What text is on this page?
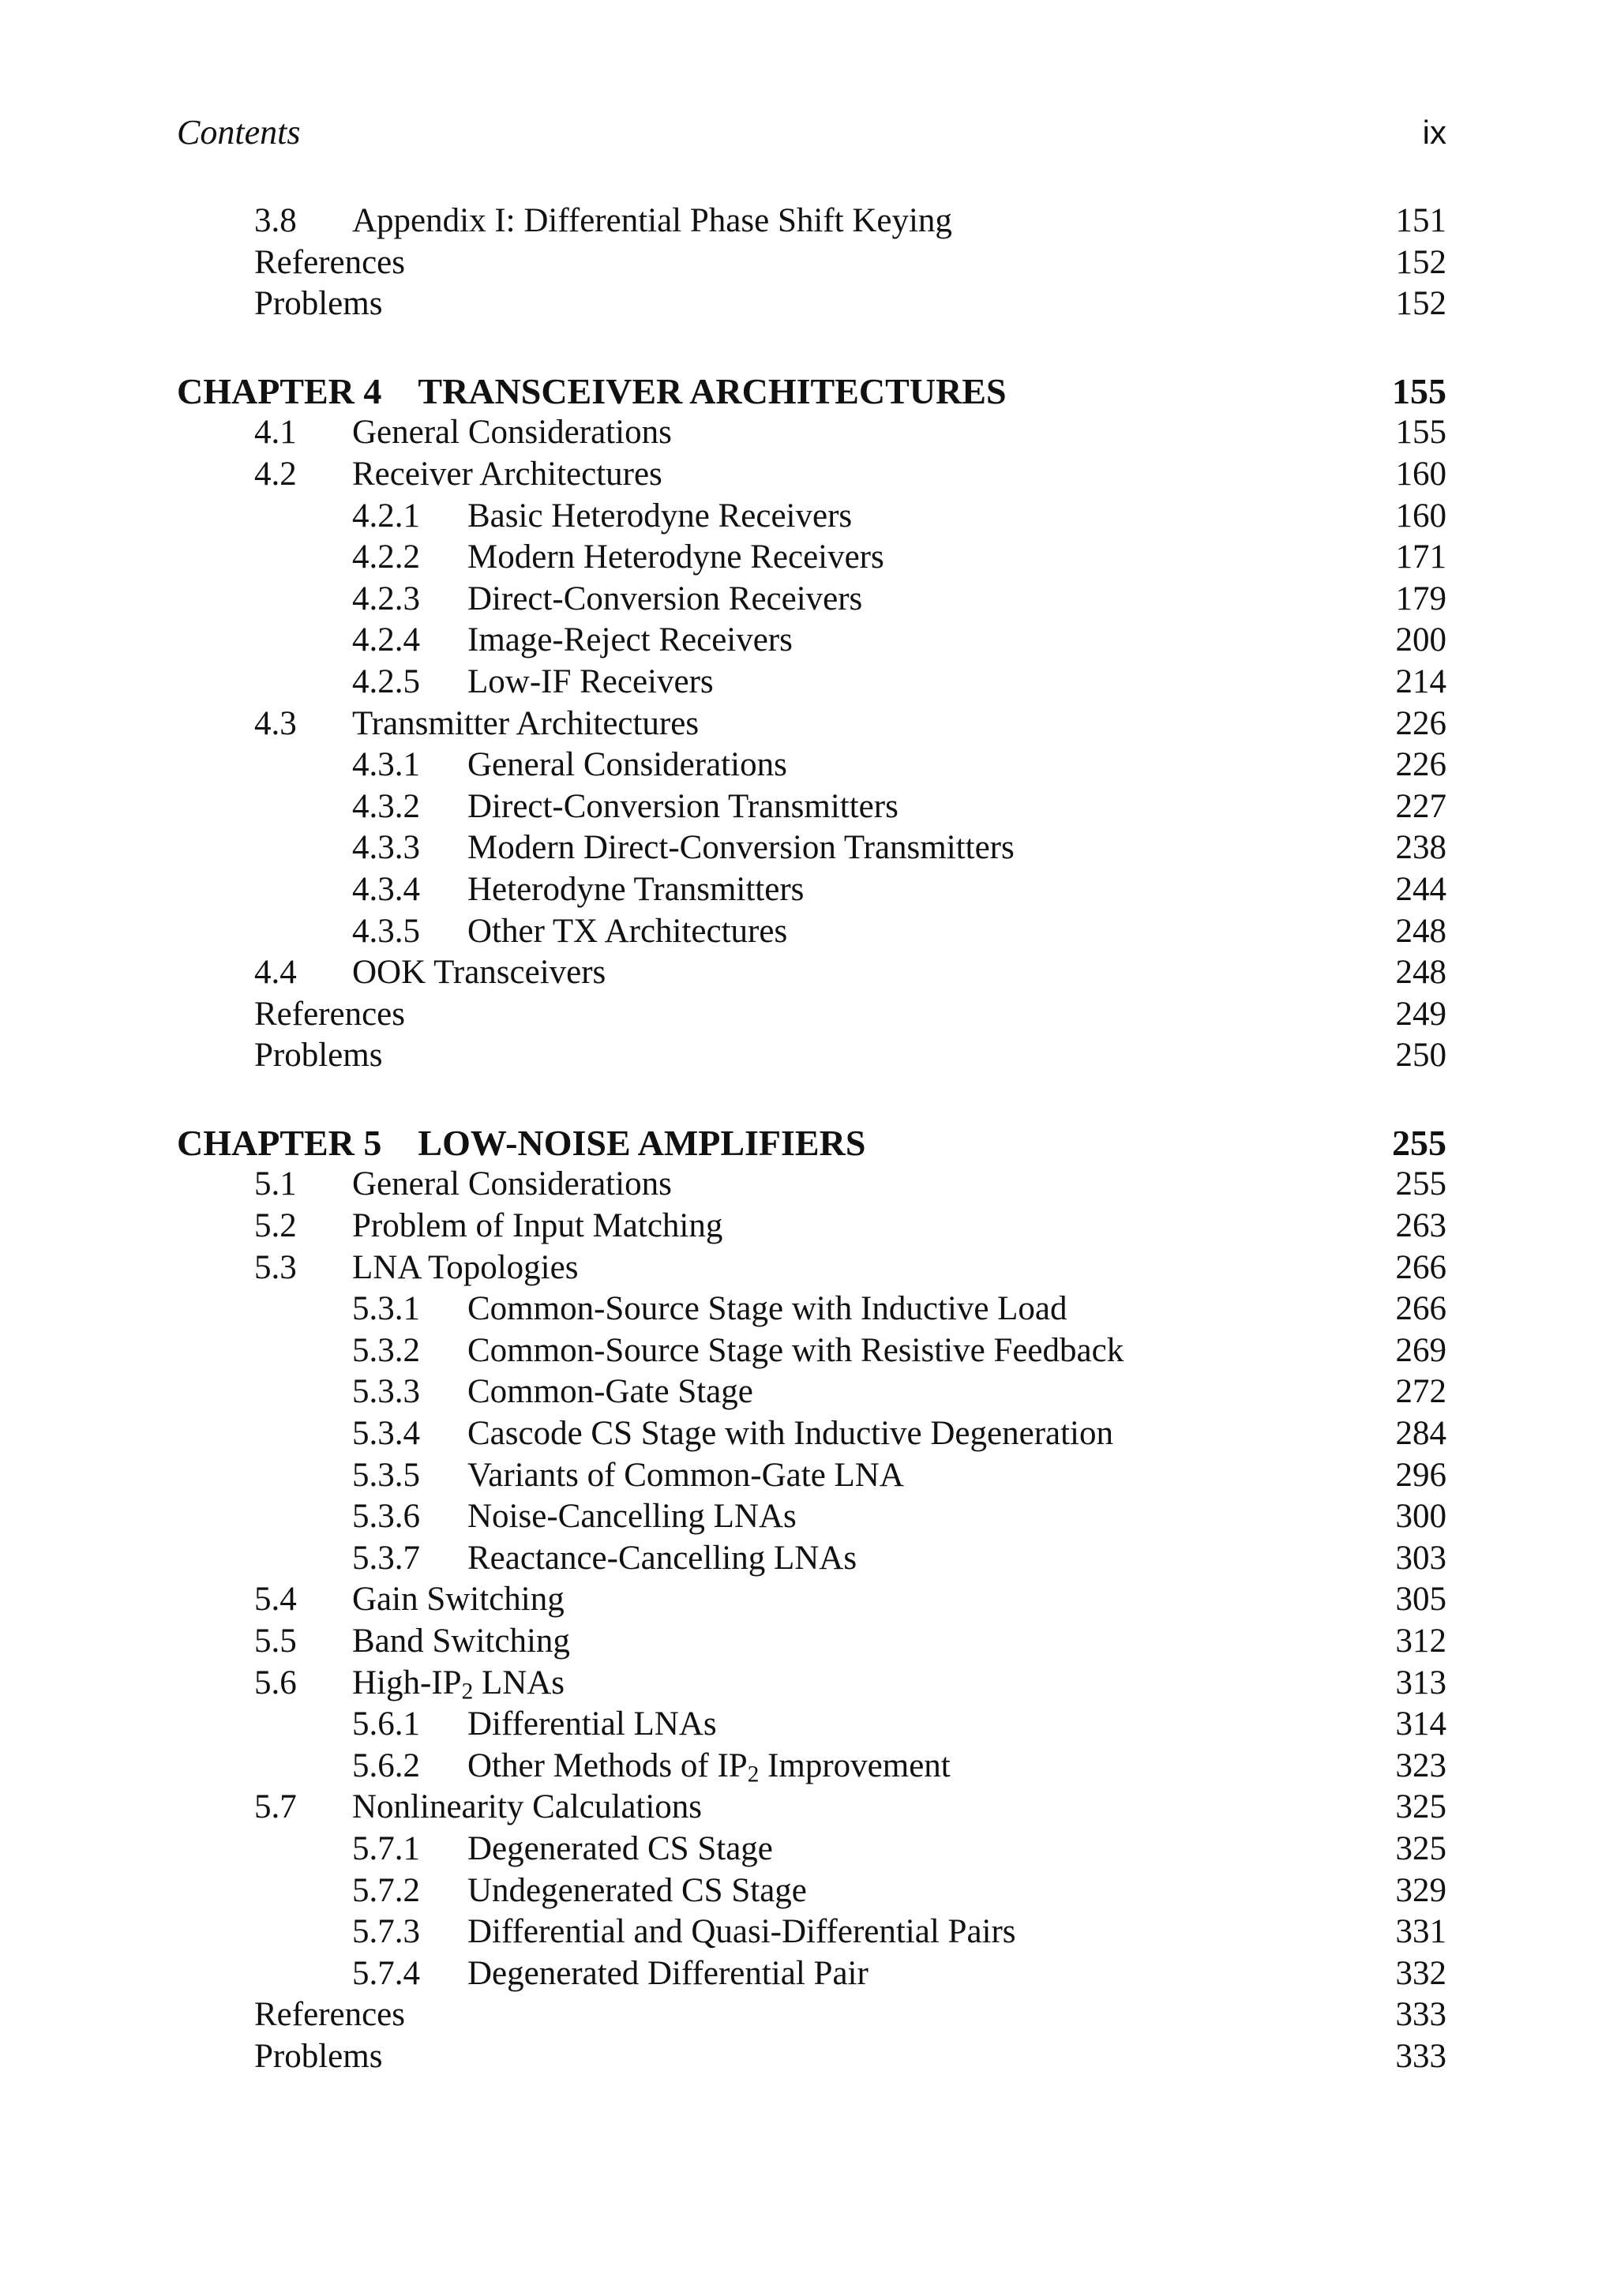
Contents	ix
3.8 Appendix I: Differential Phase Shift Keying	151
References	152
Problems	152
CHAPTER 4 TRANSCEIVER ARCHITECTURES	155
4.1 General Considerations	155
4.2 Receiver Architectures	160
4.2.1 Basic Heterodyne Receivers	160
4.2.2 Modern Heterodyne Receivers	171
4.2.3 Direct-Conversion Receivers	179
4.2.4 Image-Reject Receivers	200
4.2.5 Low-IF Receivers	214
4.3 Transmitter Architectures	226
4.3.1 General Considerations	226
4.3.2 Direct-Conversion Transmitters	227
4.3.3 Modern Direct-Conversion Transmitters	238
4.3.4 Heterodyne Transmitters	244
4.3.5 Other TX Architectures	248
4.4 OOK Transceivers	248
References	249
Problems	250
CHAPTER 5 LOW-NOISE AMPLIFIERS	255
5.1 General Considerations	255
5.2 Problem of Input Matching	263
5.3 LNA Topologies	266
5.3.1 Common-Source Stage with Inductive Load	266
5.3.2 Common-Source Stage with Resistive Feedback	269
5.3.3 Common-Gate Stage	272
5.3.4 Cascode CS Stage with Inductive Degeneration	284
5.3.5 Variants of Common-Gate LNA	296
5.3.6 Noise-Cancelling LNAs	300
5.3.7 Reactance-Cancelling LNAs	303
5.4 Gain Switching	305
5.5 Band Switching	312
5.6 High-$IP_2$ LNAs	313
5.6.1 Differential LNAs	314
5.6.2 Other Methods of $IP_2$ Improvement	323
5.7 Nonlinearity Calculations	325
5.7.1 Degenerated CS Stage	325
5.7.2 Undegenerated CS Stage	329
5.7.3 Differential and Quasi-Differential Pairs	331
5.7.4 Degenerated Differential Pair	332
References	333
Problems	333
